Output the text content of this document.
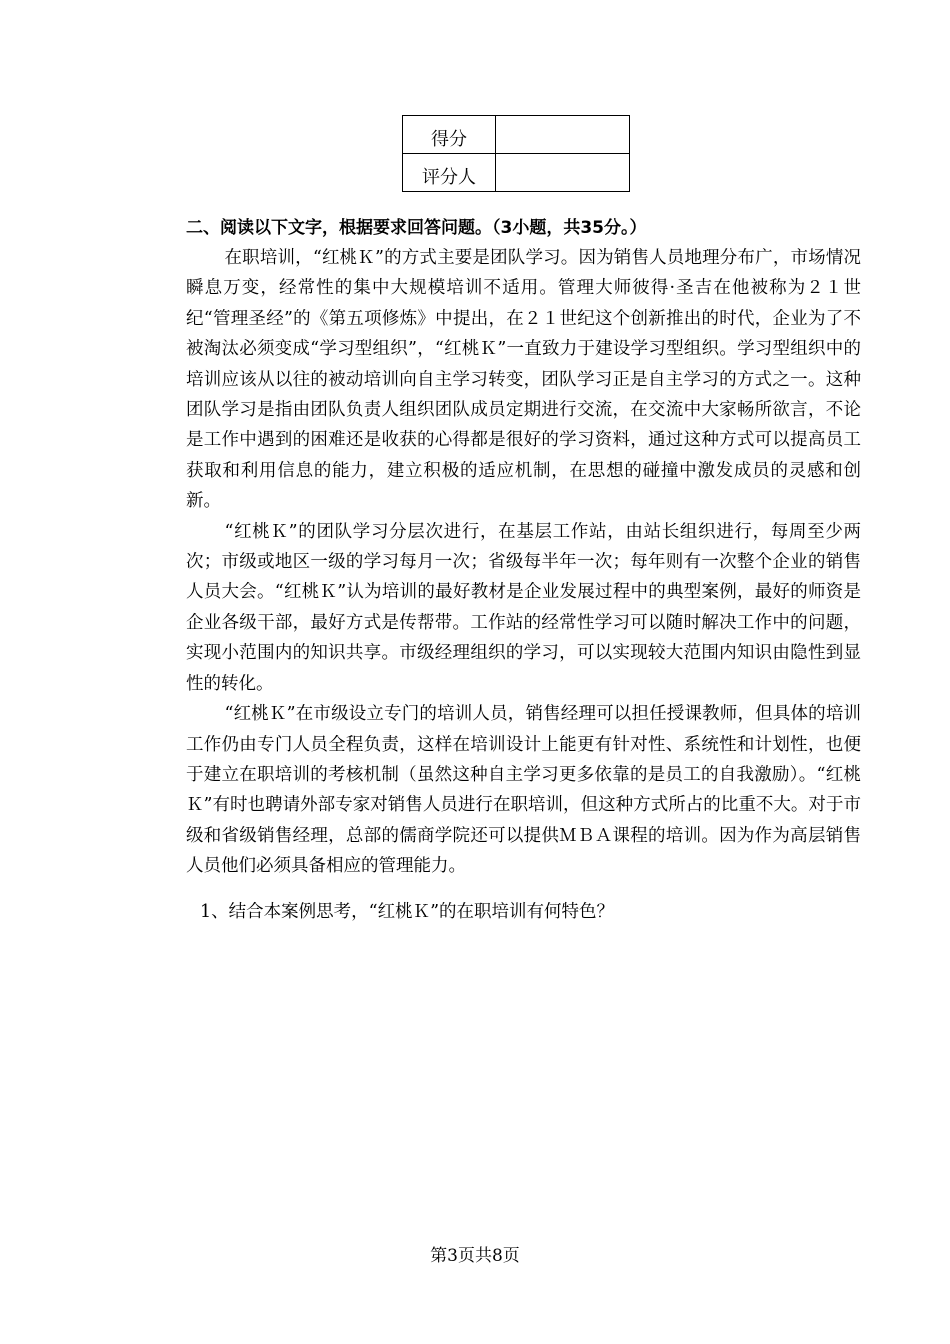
得分	
评分人	
二、阅读以下文字，根据要求回答问题。（3小题，共35分。）

在职培训，“红桃Ｋ”的方式主要是团队学习。因为销售人员地理分布广，市场情况瞬息万变，经常性的集中大规模培训不适用。管理大师彼得·圣吉在他被称为２１世纪“管理圣经”的《第五项修炼》中提出，在２１世纪这个创新推出的时代，企业为了不被淘汰必须变成“学习型组织”，“红桃Ｋ”一直致力于建设学习型组织。学习型组织中的培训应该从以往的被动培训向自主学习转变，团队学习正是自主学习的方式之一。这种团队学习是指由团队负责人组织团队成员定期进行交流，在交流中大家畅所欲言，不论是工作中遇到的困难还是收获的心得都是很好的学习资料，通过这种方式可以提高员工获取和利用信息的能力，建立积极的适应机制，在思想的碰撞中激发成员的灵感和创新。

“红桃Ｋ”的团队学习分层次进行，在基层工作站，由站长组织进行，每周至少两次；市级或地区一级的学习每月一次；省级每半年一次；每年则有一次整个企业的销售人员大会。“红桃Ｋ”认为培训的最好教材是企业发展过程中的典型案例，最好的师资是企业各级干部，最好方式是传帮带。工作站的经常性学习可以随时解决工作中的问题，实现小范围内的知识共享。市级经理组织的学习，可以实现较大范围内知识由隐性到显性的转化。

“红桃Ｋ”在市级设立专门的培训人员，销售经理可以担任授课教师，但具体的培训工作仍由专门人员全程负责，这样在培训设计上能更有针对性、系统性和计划性，也便于建立在职培训的考核机制（虽然这种自主学习更多依靠的是员工的自我激励）。“红桃Ｋ”有时也聘请外部专家对销售人员进行在职培训，但这种方式所占的比重不大。对于市级和省级销售经理，总部的儒商学院还可以提供ＭＢＡ课程的培训。因为作为高层销售人员他们必须具备相应的管理能力。

1、结合本案例思考，“红桃Ｋ”的在职培训有何特色？
第3页共8页
